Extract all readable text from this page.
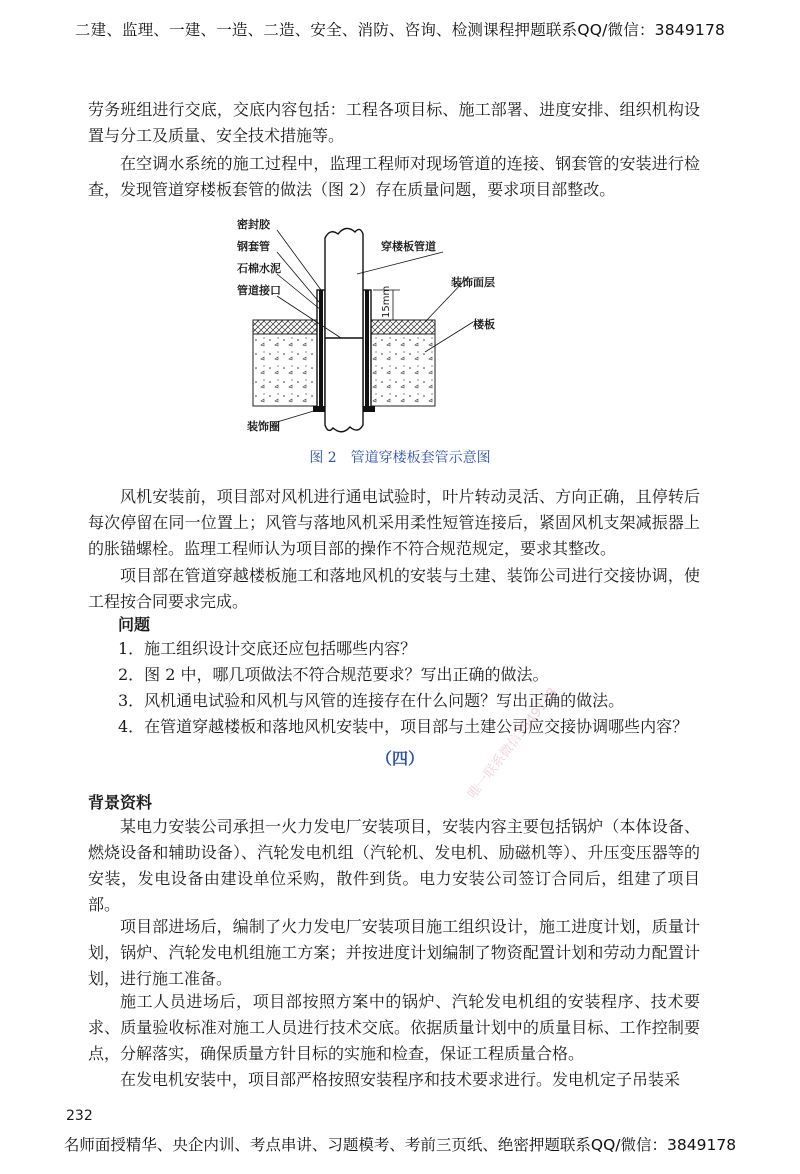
二建、监理、一建、一造、二造、安全、消防、咨询、检测课程押题联系QQ/微信：3849178

劳务班组进行交底，交底内容包括：工程各项目标、施工部署、进度安排、组织机构设置与分工及质量、安全技术措施等。

在空调水系统的施工过程中，监理工程师对现场管道的连接、钢套管的安装进行检查，发现管道穿楼板套管的做法（图 2）存在质量问题，要求项目部整改。

15mm
密封胶
钢套管
石棉水泥
管道接口
装饰圈
穿楼板管道
装饰面层
楼板
图 2　管道穿楼板套管示意图

风机安装前，项目部对风机进行通电试验时，叶片转动灵活、方向正确，且停转后每次停留在同一位置上；风管与落地风机采用柔性短管连接后，紧固风机支架减振器上的胀锚螺栓。监理工程师认为项目部的操作不符合规范规定，要求其整改。

项目部在管道穿越楼板施工和落地风机的安装与土建、装饰公司进行交接协调，使工程按合同要求完成。

问题

1．施工组织设计交底还应包括哪些内容？

2．图 2 中，哪几项做法不符合规范要求？写出正确的做法。

3．风机通电试验和风机与风管的连接存在什么问题？写出正确的做法。

4．在管道穿越楼板和落地风机安装中，项目部与土建公司应交接协调哪些内容？

（四）

背景资料

某电力安装公司承担一火力发电厂安装项目，安装内容主要包括锅炉（本体设备、燃烧设备和辅助设备）、汽轮发电机组（汽轮机、发电机、励磁机等）、升压变压器等的安装，发电设备由建设单位采购，散件到货。电力安装公司签订合同后，组建了项目部。

项目部进场后，编制了火力发电厂安装项目施工组织设计，施工进度计划，质量计划，锅炉、汽轮发电机组施工方案；并按进度计划编制了物资配置计划和劳动力配置计划，进行施工准备。

施工人员进场后，项目部按照方案中的锅炉、汽轮发电机组的安装程序、技术要求、质量验收标准对施工人员进行技术交底。依据质量计划中的质量目标、工作控制要点，分解落实，确保质量方针目标的实施和检查，保证工程质量合格。

在发电机安装中，项目部严格按照安装程序和技术要求进行。发电机定子吊装采

232
名师面授精华、央企内训、考点串讲、习题模考、考前三页纸、绝密押题联系QQ/微信：3849178
唯一联系微信3849178
